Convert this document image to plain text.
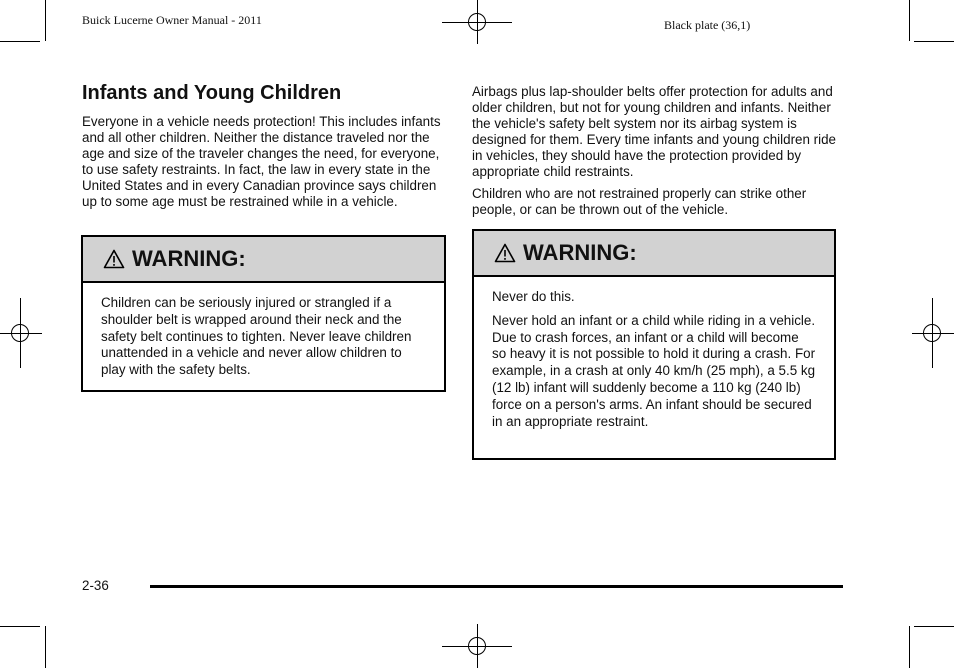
Buick Lucerne Owner Manual - 2011	Black plate (36,1)
Infants and Young Children

Everyone in a vehicle needs protection! This includes infants and all other children. Neither the distance traveled nor the age and size of the traveler changes the need, for everyone, to use safety restraints. In fact, the law in every state in the United States and in every Canadian province says children up to some age must be restrained while in a vehicle.

WARNING:

Children can be seriously injured or strangled if a shoulder belt is wrapped around their neck and the safety belt continues to tighten. Never leave children unattended in a vehicle and never allow children to play with the safety belts.

Airbags plus lap-shoulder belts offer protection for adults and older children, but not for young children and infants. Neither the vehicle's safety belt system nor its airbag system is designed for them. Every time infants and young children ride in vehicles, they should have the protection provided by appropriate child restraints.

Children who are not restrained properly can strike other people, or can be thrown out of the vehicle.

WARNING:

Never do this.

Never hold an infant or a child while riding in a vehicle. Due to crash forces, an infant or a child will become so heavy it is not possible to hold it during a crash. For example, in a crash at only 40 km/h (25 mph), a 5.5 kg (12 lb) infant will suddenly become a 110 kg (240 lb) force on a person's arms. An infant should be secured in an appropriate restraint.

2-36
